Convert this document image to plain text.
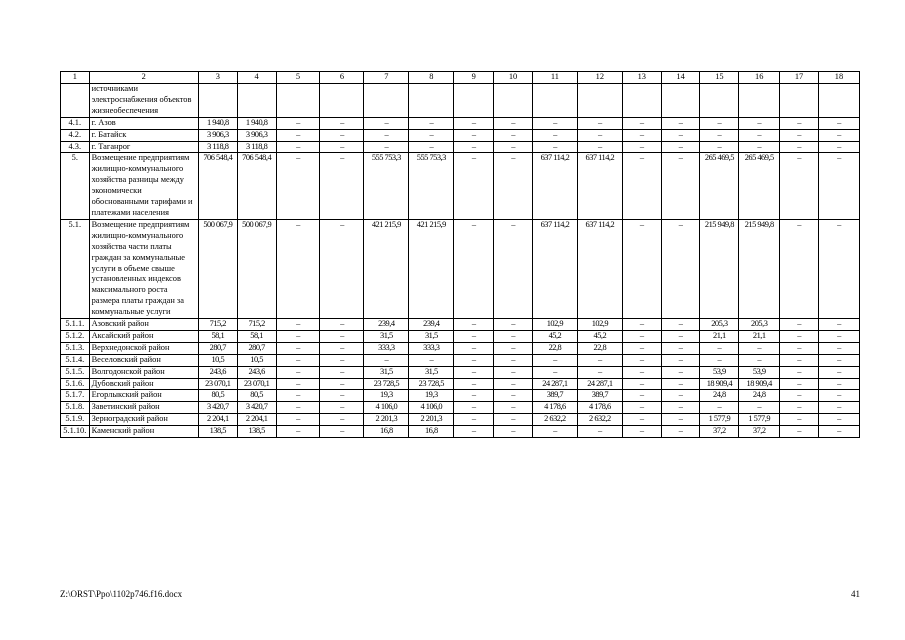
1	2	3	4	5	6	7	8	9	10	11	12	13	14	15	16	17	18
	источниками электроснабжения объектов жизнеобеспечения																
4.1.	г. Азов	1 940,8	1 940,8	–	–	–	–	–	–	–	–	–	–	–	–	–	–
4.2.	г. Батайск	3 906,3	3 906,3	–	–	–	–	–	–	–	–	–	–	–	–	–	–
4.3.	г. Таганрог	3 118,8	3 118,8	–	–	–	–	–	–	–	–	–	–	–	–	–	–
5.	Возмещение предприятиям жилищно-коммунального хозяйства разницы между экономически обоснованными тарифами и платежами населения	706 548,4	706 548,4	–	–	555 753,3	555 753,3	–	–	637 114,2	637 114,2	–	–	265 469,5	265 469,5	–	–
5.1.	Возмещение предприятиям жилищно-коммунального хозяйства части платы граждан за коммунальные услуги в объеме свыше установленных индексов максимального роста размера платы граждан за коммунальные услуги	500 067,9	500 067,9	–	–	421 215,9	421 215,9	–	–	637 114,2	637 114,2	–	–	215 949,8	215 949,8	–	–
5.1.1.	Азовский район	715,2	715,2	–	–	239,4	239,4	–	–	102,9	102,9	–	–	205,3	205,3	–	–
5.1.2.	Аксайский район	58,1	58,1	–	–	31,5	31,5	–	–	45,2	45,2	–	–	21,1	21,1	–	–
5.1.3.	Верхнедонской район	280,7	280,7	–	–	333,3	333,3	–	–	22,8	22,8	–	–	–	–	–	–
5.1.4.	Веселовский район	10,5	10,5	–	–	–	–	–	–	–	–	–	–	–	–	–	–
5.1.5.	Волгодонской район	243,6	243,6	–	–	31,5	31,5	–	–	–	–	–	–	53,9	53,9	–	–
5.1.6.	Дубовский район	23 070,1	23 070,1	–	–	23 728,5	23 728,5	–	–	24 287,1	24 287,1	–	–	18 909,4	18 909,4	–	–
5.1.7.	Егорлыкский район	80,5	80,5	–	–	19,3	19,3	–	–	389,7	389,7	–	–	24,8	24,8	–	–
5.1.8.	Заветинский район	3 420,7	3 420,7	–	–	4 106,0	4 106,0	–	–	4 178,6	4 178,6	–	–	–	–	–	–
5.1.9.	Зерноградский район	2 204,1	2 204,1	–	–	2 201,3	2 201,3	–	–	2 632,2	2 632,2	–	–	1 577,9	1 577,9	–	–
5.1.10.	Каменский район	138,5	138,5	–	–	16,8	16,8	–	–	–	–	–	–	37,2	37,2	–	–
Z:\ORST\Ppo\1102p746.f16.docx	41
